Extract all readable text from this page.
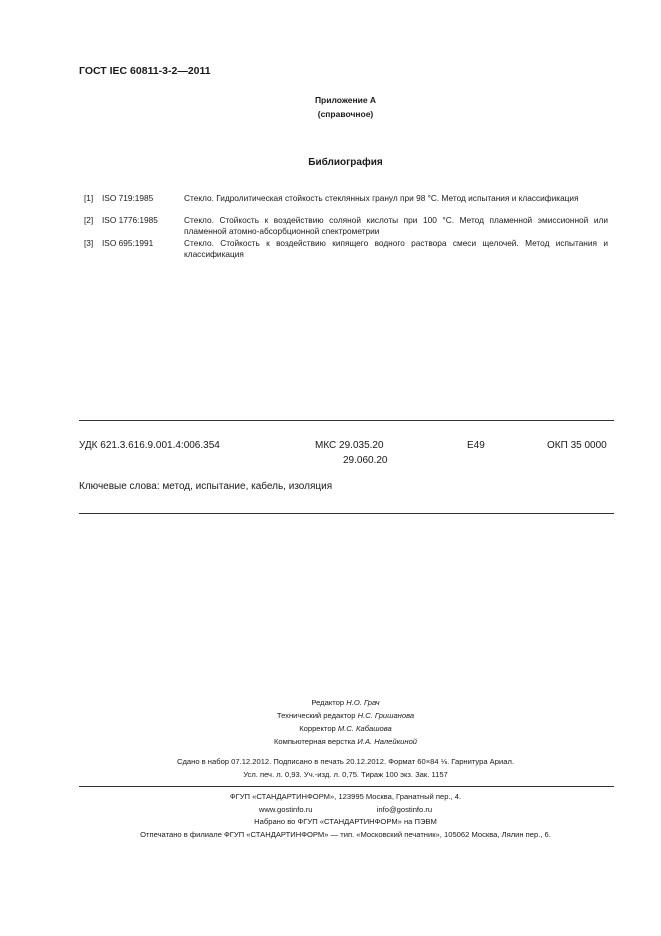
ГОСТ IEC 60811-3-2—2011
Приложение А
(справочное)
Библиография
[1] ISO 719:1985	Стекло. Гидролитическая стойкость стеклянных гранул при 98 °С. Метод испытания и классификация
[2] ISO 1776:1985	Стекло. Стойкость к воздействию соляной кислоты при 100 °С. Метод пламенной эмиссионной или пламенной атомно-абсорбционной спектрометрии
[3] ISO 695:1991	Стекло. Стойкость к воздействию кипящего водного раствора смеси щелочей. Метод испытания и классификация
УДК 621.3.616.9.001.4:006.354	МКС 29.035.20
29.060.20
Е49	ОКП 35 0000
Ключевые слова: метод, испытание, кабель, изоляция
Редактор Н.О. Грач
Технический редактор Н.С. Гришанова
Корректор М.С. Кабашова
Компьютерная верстка И.А. Налейкиной
Сдано в набор 07.12.2012. Подписано в печать 20.12.2012. Формат 60×84 ⅛. Гарнитура Ариал.
Усл. печ. л. 0,93. Уч.-изд. л. 0,75. Тираж 100 экз. Зак. 1157
ФГУП «СТАНДАРТИНФОРМ», 123995 Москва, Гранатный пер., 4.
www.gostinfo.ru	info@gostinfo.ru
Набрано во ФГУП «СТАНДАРТИНФОРМ» на ПЭВМ
Отпечатано в филиале ФГУП «СТАНДАРТИНФОРМ» — тип. «Московский печатник», 105062 Москва, Лялин пер., 6.
